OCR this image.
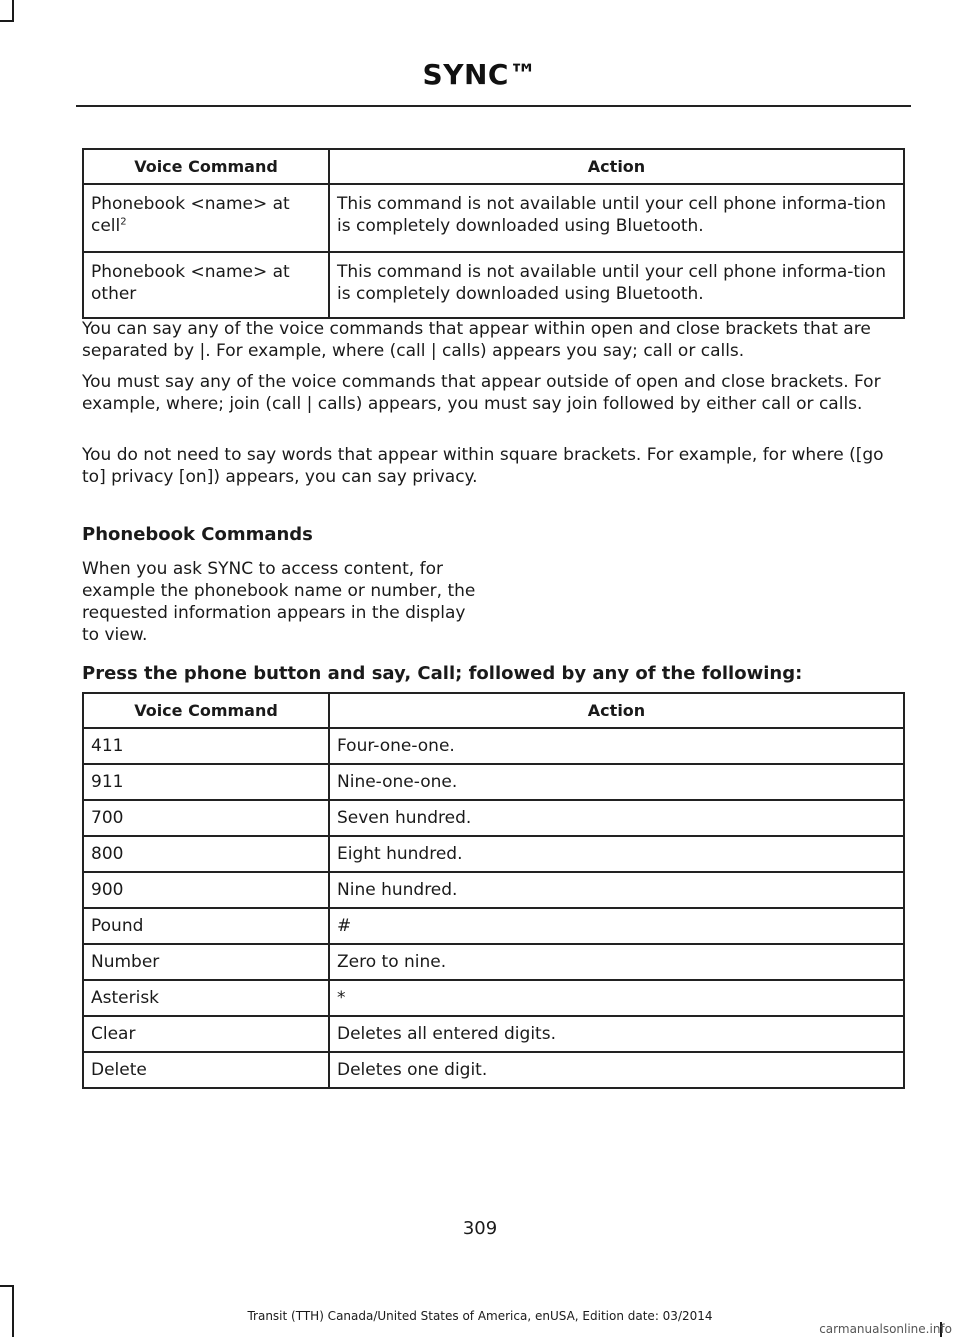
SYNC™
Voice Command	Action
Phonebook <name> at cell$^2$	This command is not available until your cell phone informa-tion is completely downloaded using Bluetooth.
Phonebook <name> at other	This command is not available until your cell phone informa-tion is completely downloaded using Bluetooth.

You can say any of the voice commands that appear within open and close brackets that are separated by |. For example, where (call | calls) appears you say; call or calls.

You must say any of the voice commands that appear outside of open and close brackets. For example, where; join (call | calls) appears, you must say join followed by either call or calls.

You do not need to say words that appear within square brackets. For example, for where ([go to] privacy [on]) appears, you can say privacy.

Phonebook Commands

When you ask SYNC to access content, for example the phonebook name or number, the requested information appears in the display to view.

Press the phone button and say, Call; followed by any of the following:
Voice Command	Action
411	Four-one-one.
911	Nine-one-one.
700	Seven hundred.
800	Eight hundred.
900	Nine hundred.
Pound	#
Number	Zero to nine.
Asterisk	*
Clear	Deletes all entered digits.
Delete	Deletes one digit.
309
Transit (TTH) Canada/United States of America, enUSA, Edition date: 03/2014
carmanualsonline.info
